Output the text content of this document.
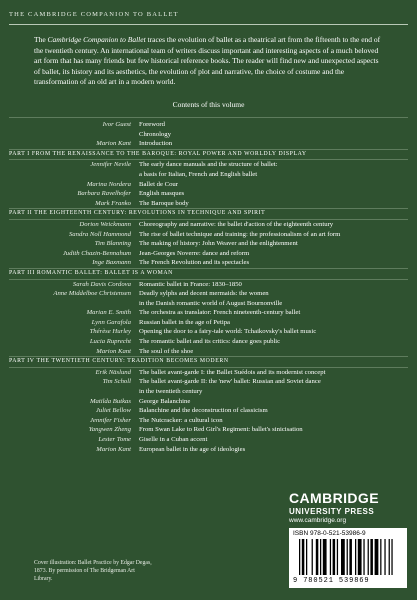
THE CAMBRIDGE COMPANION TO BALLET

The Cambridge Companion to Ballet traces the evolution of ballet as a theatrical art from the fifteenth to the end of the twentieth century. An international team of writers discuss important and interesting aspects of a much beloved art form that has many friends but few historical reference books. The reader will find new and unexpected aspects of ballet, its history and its aesthetics, the evolution of plot and narrative, the choice of costume and the transformation of an old art in a modern world.

Contents of this volume
Ivor Guest Foreword
Chronology
Marion Kant Introduction
PART I FROM THE RENAISSANCE TO THE BAROQUE: ROYAL POWER AND WORLDLY DISPLAY
Jennifer Nevile The early dance manuals and the structure of ballet:
a basis for Italian, French and English ballet
Marina Nordera Ballet de Cour
Barbara Ravelhofer English masques
Mark Franko The Baroque body
PART II THE EIGHTEENTH CENTURY: REVOLUTIONS IN TECHNIQUE AND SPIRIT
Dorion Weickmann Choreography and narrative: the ballet d'action of the eighteenth century
Sandra Noll Hammond The rise of ballet technique and training: the professionalism of an art form
Tim Blanning The making of history: John Weaver and the enlightenment
Judith Chazin-Bennahum Jean-Georges Noverre: dance and reform
Inge Baxmann The French Revolution and its spectacles
PART III ROMANTIC BALLET: BALLET IS A WOMAN
Sarah Davis Cordova Romantic ballet in France: 1830–1850
Anne Middelboe Christensen Deadly sylphs and decent mermaids: the women
in the Danish romantic world of August Bournonville
Marian E. Smith The orchestra as translator: French nineteenth-century ballet
Lynn Garafola Russian ballet in the age of Petipa
Thérèse Hurley Opening the door to a fairy-tale world: Tchaikovsky's ballet music
Lucia Ruprecht The romantic ballet and its critics: dance goes public
Marion Kant The soul of the shoe
PART IV THE TWENTIETH CENTURY: TRADITION BECOMES MODERN
Erik Näslund The ballet avant-garde I: the Ballet Suédois and its modernist concept
Tim Scholl The ballet avant-garde II: the 'new' ballet: Russian and Soviet dance
in the twentieth century
Matilda Butkas George Balanchine
Juliet Bellow Balanchine and the deconstruction of classicism
Jennifer Fisher The Nutcracker: a cultural icon
Yangwen Zheng From Swan Lake to Red Girl's Regiment: ballet's sinicisation
Lester Tome Giselle in a Cuban accent
Marion Kant European ballet in the age of ideologies
CAMBRIDGE
UNIVERSITY PRESS
www.cambridge.org
ISBN 978-0-521-53986-9
9 780521 539869
Cover illustration: Ballet Practice by Edgar Degas, 1873. By permission of The Bridgeman Art Library.
